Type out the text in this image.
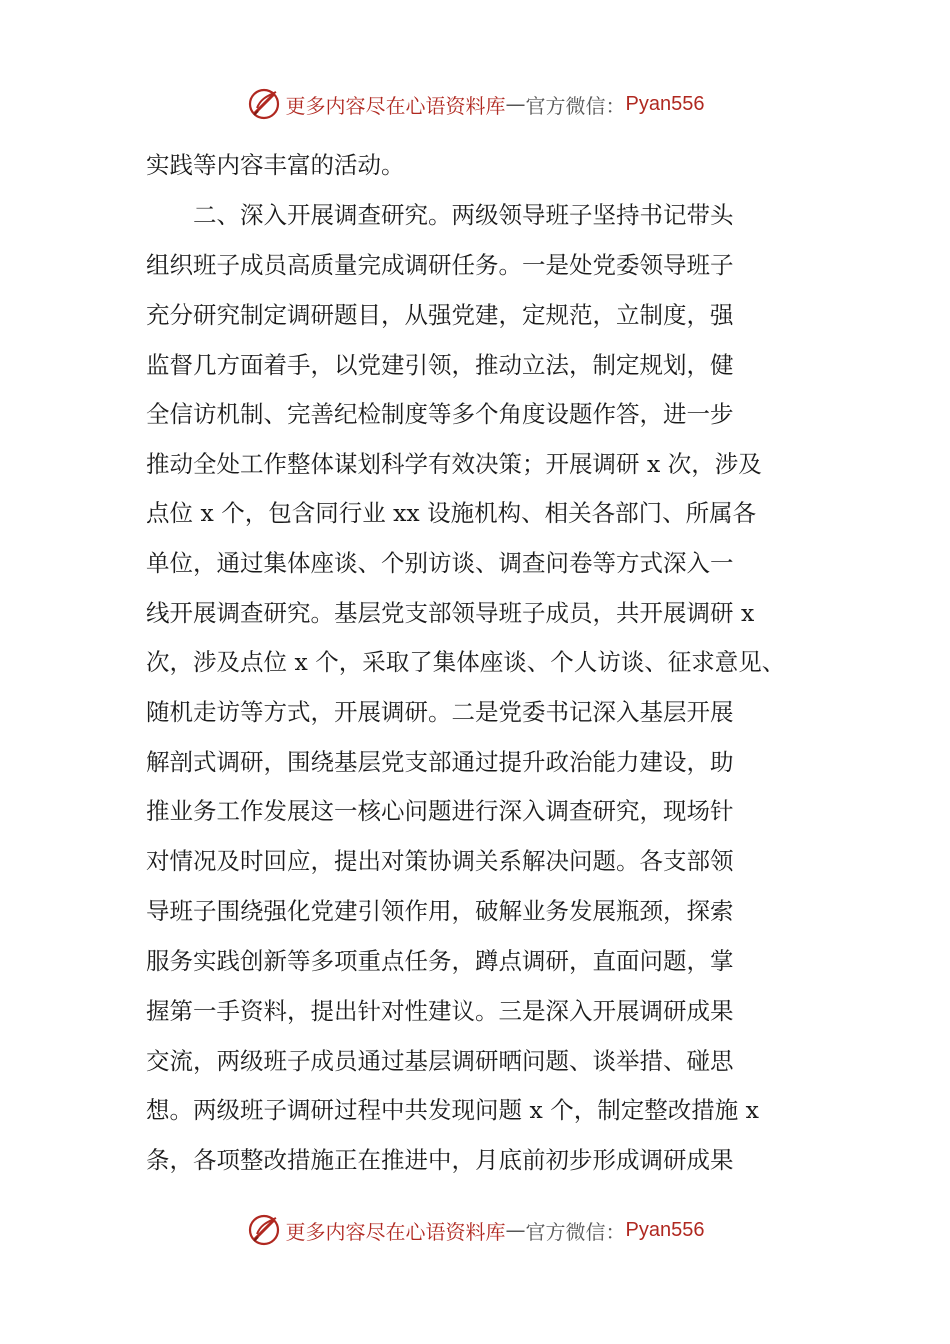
更多内容尽在心语资料库 — 官方微信： Pyan556
实践等内容丰富的活动。
　　二、深入开展调查研究。两级领导班子坚持书记带头
组织班子成员高质量完成调研任务。一是处党委领导班子
充分研究制定调研题目，从强党建，定规范，立制度，强
监督几方面着手，以党建引领，推动立法，制定规划，健
全信访机制、完善纪检制度等多个角度设题作答，进一步
推动全处工作整体谋划科学有效决策；开展调研 x 次，涉及
点位 x 个，包含同行业 xx 设施机构、相关各部门、所属各
单位，通过集体座谈、个别访谈、调查问卷等方式深入一
线开展调查研究。基层党支部领导班子成员，共开展调研 x
次，涉及点位 x 个，采取了集体座谈、个人访谈、征求意见、
随机走访等方式，开展调研。二是党委书记深入基层开展
解剖式调研，围绕基层党支部通过提升政治能力建设，助
推业务工作发展这一核心问题进行深入调查研究，现场针
对情况及时回应，提出对策协调关系解决问题。各支部领
导班子围绕强化党建引领作用，破解业务发展瓶颈，探索
服务实践创新等多项重点任务，蹲点调研，直面问题，掌
握第一手资料，提出针对性建议。三是深入开展调研成果
交流，两级班子成员通过基层调研晒问题、谈举措、碰思
想。两级班子调研过程中共发现问题 x 个，制定整改措施 x
条，各项整改措施正在推进中，月底前初步形成调研成果
更多内容尽在心语资料库 — 官方微信： Pyan556
